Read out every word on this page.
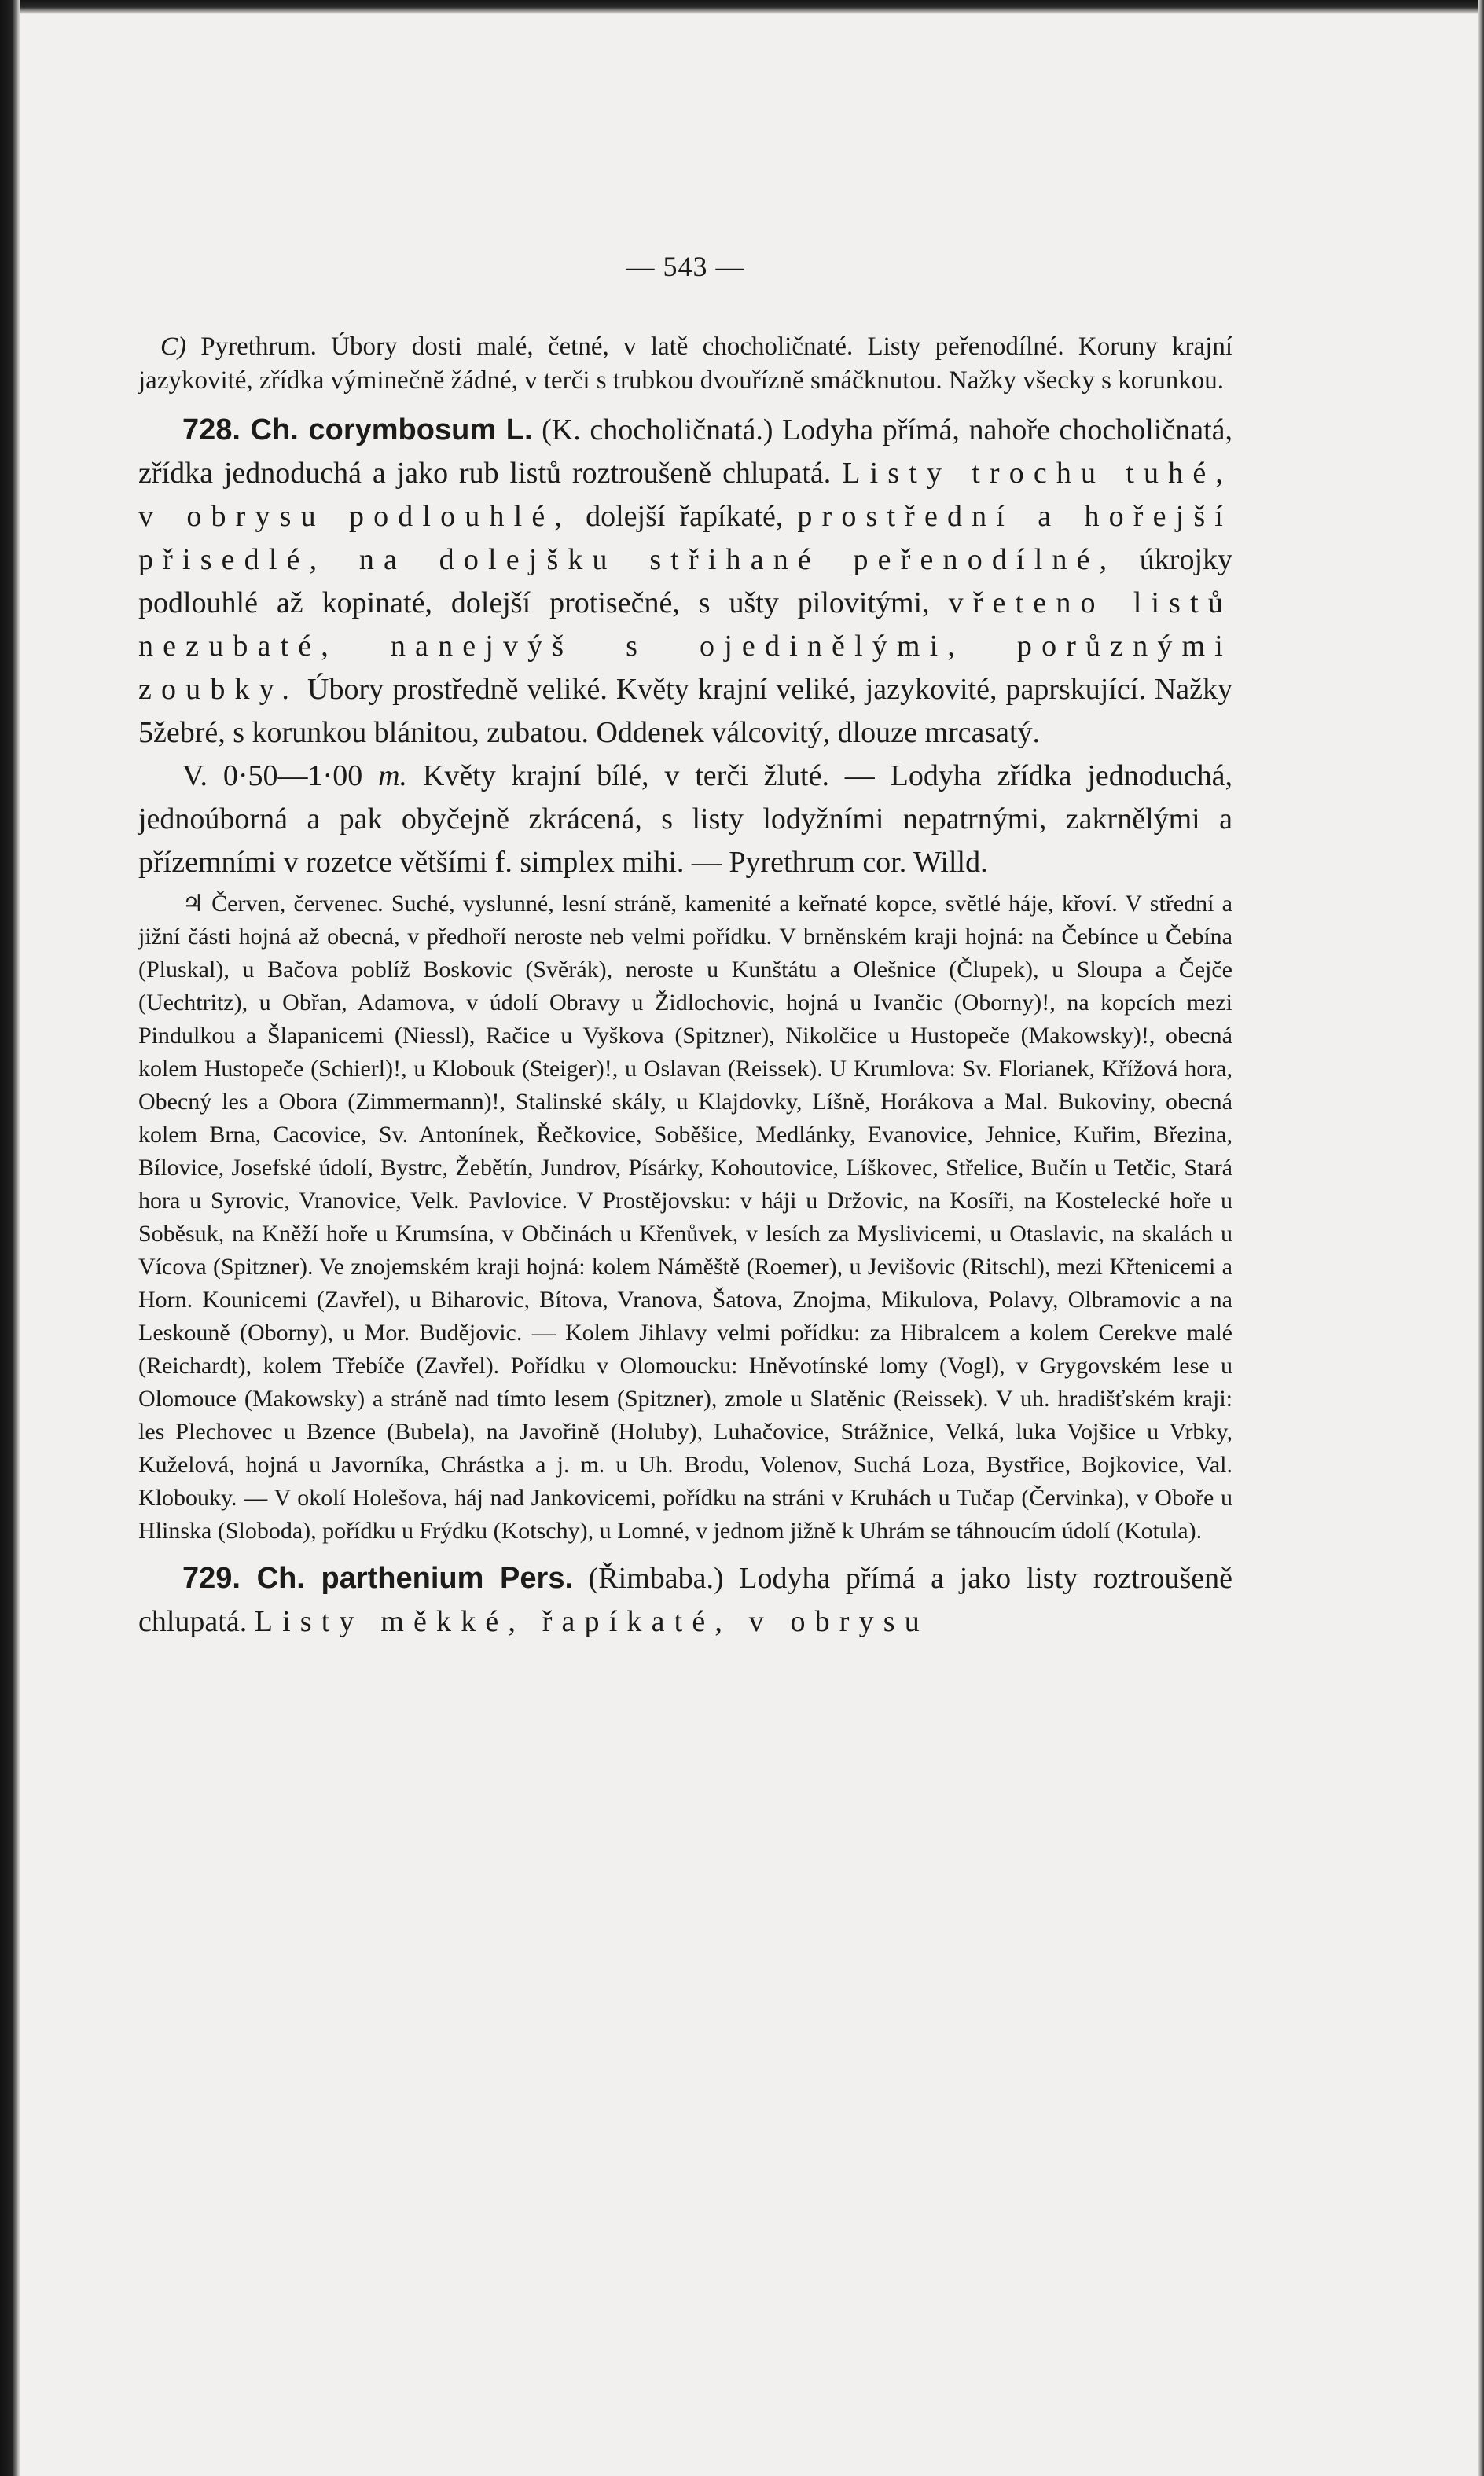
— 543 —

C) Pyrethrum. Úbory dosti malé, četné, v latě chocholičnaté. Listy peřenodílné. Koruny krajní jazykovité, zřídka výminečně žádné, v terči s trubkou dvouřízně smáčknutou. Nažky všecky s korunkou.

728. Ch. corymbosum L. (K. chocholičnatá.) Lodyha přímá, nahoře chocholičnatá, zřídka jednoduchá a jako rub listů roztroušeně chlupatá. Listy trochu tuhé, v obrysu podlouhlé, dolejší řapíkaté, prostřední a hořejší přisedlé, na dolejšku střihané peřenodílné, úkrojky podlouhlé až kopinaté, dolejší protisečné, s ušty pilovitými, vřeteno listů nezubaté, nanejvýš s ojedinělými, porůznými zoubky. Úbory prostředně veliké. Květy krajní veliké, jazykovité, paprskující. Nažky 5žebré, s korunkou blánitou, zubatou. Oddenek válcovitý, dlouze mrcasatý.

V. 0·50—1·00 m. Květy krajní bílé, v terči žluté. — Lodyha zřídka jednoduchá, jednoúborná a pak obyčejně zkrácená, s listy lodyžními nepatrnými, zakrnělými a přízemními v rozetce většími f. simplex mihi. — Pyrethrum cor. Willd.

♃ Červen, červenec. Suché, vyslunné, lesní stráně, kamenité a keřnaté kopce, světlé háje, křoví. V střední a jižní části hojná až obecná, v předhoří neroste neb velmi pořídku. V brněnském kraji hojná: na Čebínce u Čebína (Pluskal), u Bačova poblíž Boskovic (Svěrák), neroste u Kunštátu a Olešnice (Člupek), u Sloupa a Čejče (Uechtritz), u Obřan, Adamova, v údolí Obravy u Židlochovic, hojná u Ivančic (Oborny)!, na kopcích mezi Pindulkou a Šlapanicemi (Niessl), Račice u Vyškova (Spitzner), Nikolčice u Hustopeče (Makowsky)!, obecná kolem Hustopeče (Schierl)!, u Klobouk (Steiger)!, u Oslavan (Reissek). U Krumlova: Sv. Florianek, Křížová hora, Obecný les a Obora (Zimmermann)!, Stalinské skály, u Klajdovky, Líšně, Horákova a Mal. Bukoviny, obecná kolem Brna, Cacovice, Sv. Antonínek, Řečkovice, Soběšice, Medlánky, Evanovice, Jehnice, Kuřim, Březina, Bílovice, Josefské údolí, Bystrc, Žebětín, Jundrov, Písárky, Kohoutovice, Líškovec, Střelice, Bučín u Tetčic, Stará hora u Syrovic, Vranovice, Velk. Pavlovice. V Prostějovsku: v háji u Držovic, na Kosíři, na Kostelecké hoře u Soběsuk, na Kněží hoře u Krumsína, v Občinách u Křenůvek, v lesích za Myslivicemi, u Otaslavic, na skalách u Vícova (Spitzner). Ve znojemském kraji hojná: kolem Náměště (Roemer), u Jevišovic (Ritschl), mezi Křtenicemi a Horn. Kounicemi (Zavřel), u Biharovic, Bítova, Vranova, Šatova, Znojma, Mikulova, Polavy, Olbramovic a na Leskouně (Oborny), u Mor. Budějovic. — Kolem Jihlavy velmi pořídku: za Hibralcem a kolem Cerekve malé (Reichardt), kolem Třebíče (Zavřel). Pořídku v Olomoucku: Hněvotínské lomy (Vogl), v Grygovském lese u Olomouce (Makowsky) a stráně nad tímto lesem (Spitzner), zmole u Slatěnic (Reissek). V uh. hradišťském kraji: les Plechovec u Bzence (Bubela), na Javořině (Holuby), Luhačovice, Strážnice, Velká, luka Vojšice u Vrbky, Kuželová, hojná u Javorníka, Chrástka a j. m. u Uh. Brodu, Volenov, Suchá Loza, Bystřice, Bojkovice, Val. Klobouky. — V okolí Holešova, háj nad Jankovicemi, pořídku na stráni v Kruhách u Tučap (Červinka), v Oboře u Hlinska (Sloboda), pořídku u Frýdku (Kotschy), u Lomné, v jednom jižně k Uhrám se táhnoucím údolí (Kotula).

729. Ch. parthenium Pers. (Řimbaba.) Lodyha přímá a jako listy roztroušeně chlupatá. Listy měkké, řapíkaté, v obrysu
